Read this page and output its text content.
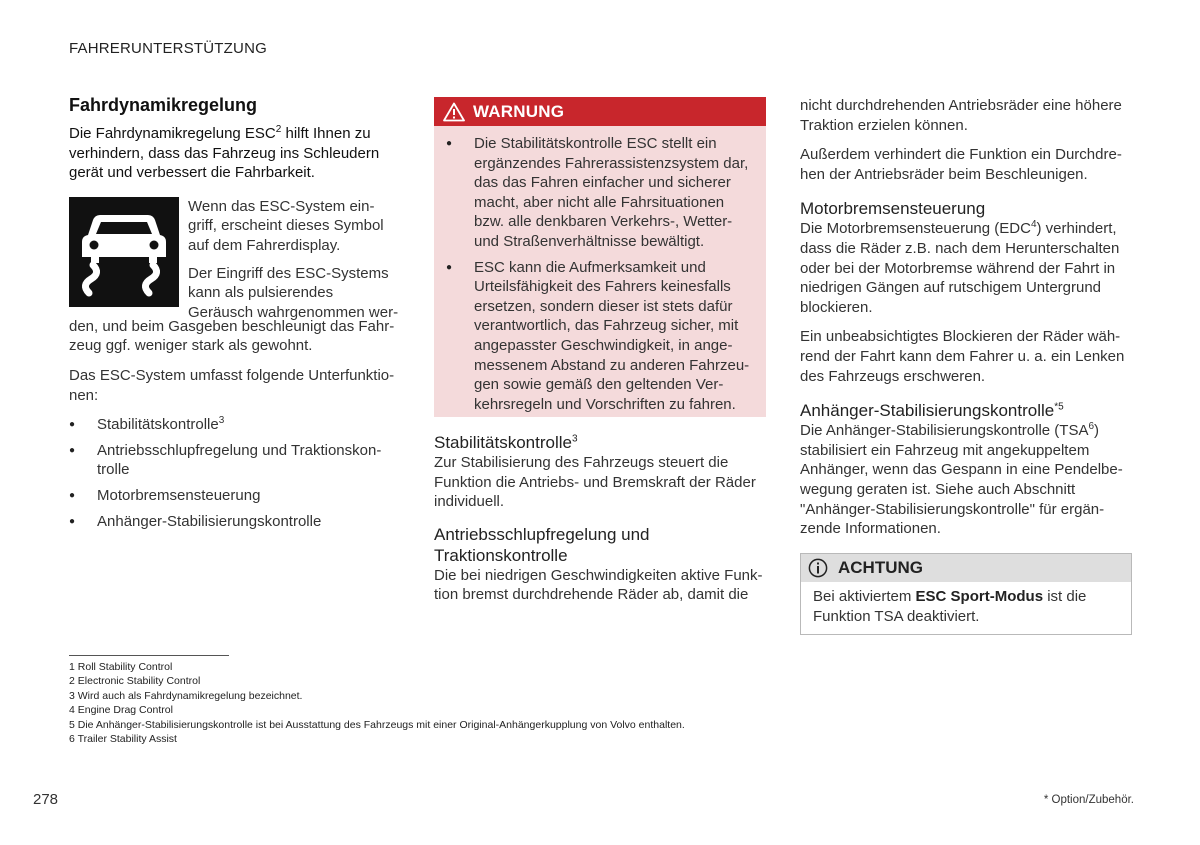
FAHRERUNTERSTÜTZUNG
Fahrdynamikregelung

Die Fahrdynamikregelung ESC$^2$ hilft Ihnen zu verhindern, dass das Fahrzeug ins Schleudern gerät und verbessert die Fahrbarkeit.

Wenn das ESC-System ein-griff, erscheint dieses Symbol auf dem Fahrerdisplay.

Der Eingriff des ESC-Systems kann als pulsierendes Geräusch wahrgenommen wer-

den, und beim Gasgeben beschleunigt das Fahr-zeug ggf. weniger stark als gewohnt.

Das ESC-System umfasst folgende Unterfunktio-nen:

● Stabilitätskontrolle$^3$
● Antriebsschlupfregelung und Traktionskon-trolle
● Motorbremsensteuerung
● Anhänger-Stabilisierungskontrolle
WARNUNG
● Die Stabilitätskontrolle ESC stellt ein ergänzendes Fahrerassistenzsystem dar, das das Fahren einfacher und sicherer macht, aber nicht alle Fahrsituationen bzw. alle denkbaren Verkehrs-, Wetter- und Straßenverhältnisse bewältigt.
● ESC kann die Aufmerksamkeit und Urteilsfähigkeit des Fahrers keinesfalls ersetzen, sondern dieser ist stets dafür verantwortlich, das Fahrzeug sicher, mit angepasster Geschwindigkeit, in ange-messenem Abstand zu anderen Fahrzeu-gen sowie gemäß den geltenden Ver-kehrsregeln und Vorschriften zu fahren.
Stabilitätskontrolle$^3$

Zur Stabilisierung des Fahrzeugs steuert die Funktion die Antriebs- und Bremskraft der Räder individuell.

Antriebsschlupfregelung und Traktionskontrolle

Die bei niedrigen Geschwindigkeiten aktive Funk-tion bremst durchdrehende Räder ab, damit die

nicht durchdrehenden Antriebsräder eine höhere Traktion erzielen können.

Außerdem verhindert die Funktion ein Durchdre-hen der Antriebsräder beim Beschleunigen.

Motorbremsensteuerung

Die Motorbremsensteuerung (EDC$^4$) verhindert, dass die Räder z.B. nach dem Herunterschalten oder bei der Motorbremse während der Fahrt in niedrigen Gängen auf rutschigem Untergrund blockieren.

Ein unbeabsichtigtes Blockieren der Räder wäh-rend der Fahrt kann dem Fahrer u. a. ein Lenken des Fahrzeugs erschweren.

Anhänger-Stabilisierungskontrolle$^{*5}$

Die Anhänger-Stabilisierungskontrolle (TSA$^6$) stabilisiert ein Fahrzeug mit angekuppeltem Anhänger, wenn das Gespann in eine Pendelbe-wegung geraten ist. Siehe auch Abschnitt "Anhänger-Stabilisierungskontrolle" für ergän-zende Informationen.

ACHTUNG
Bei aktiviertem ESC Sport-Modus ist die Funktion TSA deaktiviert.
1 Roll Stability Control
2 Electronic Stability Control
3 Wird auch als Fahrdynamikregelung bezeichnet.
4 Engine Drag Control
5 Die Anhänger-Stabilisierungskontrolle ist bei Ausstattung des Fahrzeugs mit einer Original-Anhängerkupplung von Volvo enthalten.
6 Trailer Stability Assist
278	* Option/Zubehör.
